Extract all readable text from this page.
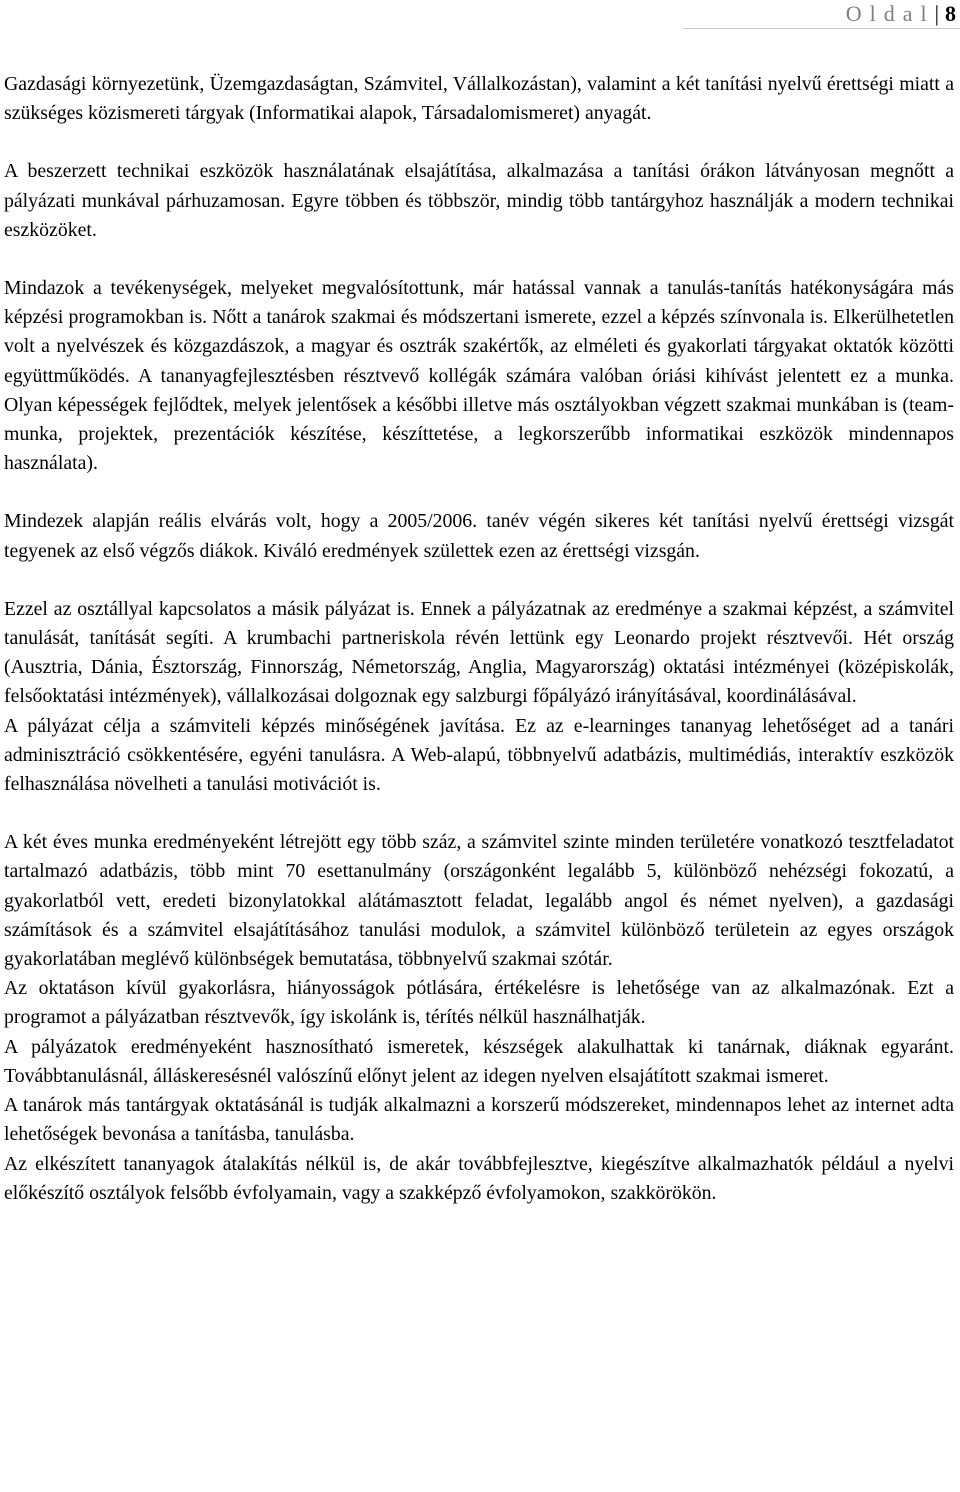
Oldal| 8

Gazdasági környezetünk, Üzemgazdaságtan, Számvitel, Vállalkozástan), valamint a két tanítási nyelvű érettségi miatt a szükséges közismereti tárgyak (Informatikai alapok, Társadalomismeret) anyagát.

A beszerzett technikai eszközök használatának elsajátítása, alkalmazása a tanítási órákon látványosan megnőtt a pályázati munkával párhuzamosan. Egyre többen és többször, mindig több tantárgyhoz használják a modern technikai eszközöket.

Mindazok a tevékenységek, melyeket megvalósítottunk, már hatással vannak a tanulás-tanítás hatékonyságára más képzési programokban is. Nőtt a tanárok szakmai és módszertani ismerete, ezzel a képzés színvonala is. Elkerülhetetlen volt a nyelvészek és közgazdászok, a magyar és osztrák szakértők, az elméleti és gyakorlati tárgyakat oktatók közötti együttműködés. A tananyagfejlesztésben résztvevő kollégák számára valóban óriási kihívást jelentett ez a munka. Olyan képességek fejlődtek, melyek jelentősek a későbbi illetve más osztályokban végzett szakmai munkában is (team-munka, projektek, prezentációk készítése, készíttetése, a legkorszerűbb informatikai eszközök mindennapos használata).

Mindezek alapján reális elvárás volt, hogy a 2005/2006. tanév végén sikeres két tanítási nyelvű érettségi vizsgát tegyenek az első végzős diákok. Kiváló eredmények születtek ezen az érettségi vizsgán.

Ezzel az osztállyal kapcsolatos a másik pályázat is. Ennek a pályázatnak az eredménye a szakmai képzést, a számvitel tanulását, tanítását segíti. A krumbachi partneriskola révén lettünk egy Leonardo projekt résztvevői. Hét ország (Ausztria, Dánia, Észtország, Finnország, Németország, Anglia, Magyarország) oktatási intézményei (középiskolák, felsőoktatási intézmények), vállalkozásai dolgoznak egy salzburgi főpályázó irányításával, koordinálásával.

A pályázat célja a számviteli képzés minőségének javítása. Ez az e-learninges tananyag lehetőséget ad a tanári adminisztráció csökkentésére, egyéni tanulásra. A Web-alapú, többnyelvű adatbázis, multimédiás, interaktív eszközök felhasználása növelheti a tanulási motivációt is.

A két éves munka eredményeként létrejött egy több száz, a számvitel szinte minden területére vonatkozó tesztfeladatot tartalmazó adatbázis, több mint 70 esettanulmány (országonként legalább 5, különböző nehézségi fokozatú, a gyakorlatból vett, eredeti bizonylatokkal alátámasztott feladat, legalább angol és német nyelven), a gazdasági számítások és a számvitel elsajátításához tanulási modulok, a számvitel különböző területein az egyes országok gyakorlatában meglévő különbségek bemutatása, többnyelvű szakmai szótár.

Az oktatáson kívül gyakorlásra, hiányosságok pótlására, értékelésre is lehetősége van az alkalmazónak. Ezt a programot a pályázatban résztvevők, így iskolánk is, térítés nélkül használhatják.

A pályázatok eredményeként hasznosítható ismeretek, készségek alakulhattak ki tanárnak, diáknak egyaránt. Továbbtanulásnál, álláskeresésnél valószínű előnyt jelent az idegen nyelven elsajátított szakmai ismeret.

A tanárok más tantárgyak oktatásánál is tudják alkalmazni a korszerű módszereket, mindennapos lehet az internet adta lehetőségek bevonása a tanításba, tanulásba.

Az elkészített tananyagok átalakítás nélkül is, de akár továbbfejlesztve, kiegészítve alkalmazhatók például a nyelvi előkészítő osztályok felsőbb évfolyamain, vagy a szakképző évfolyamokon, szakkörökön.
